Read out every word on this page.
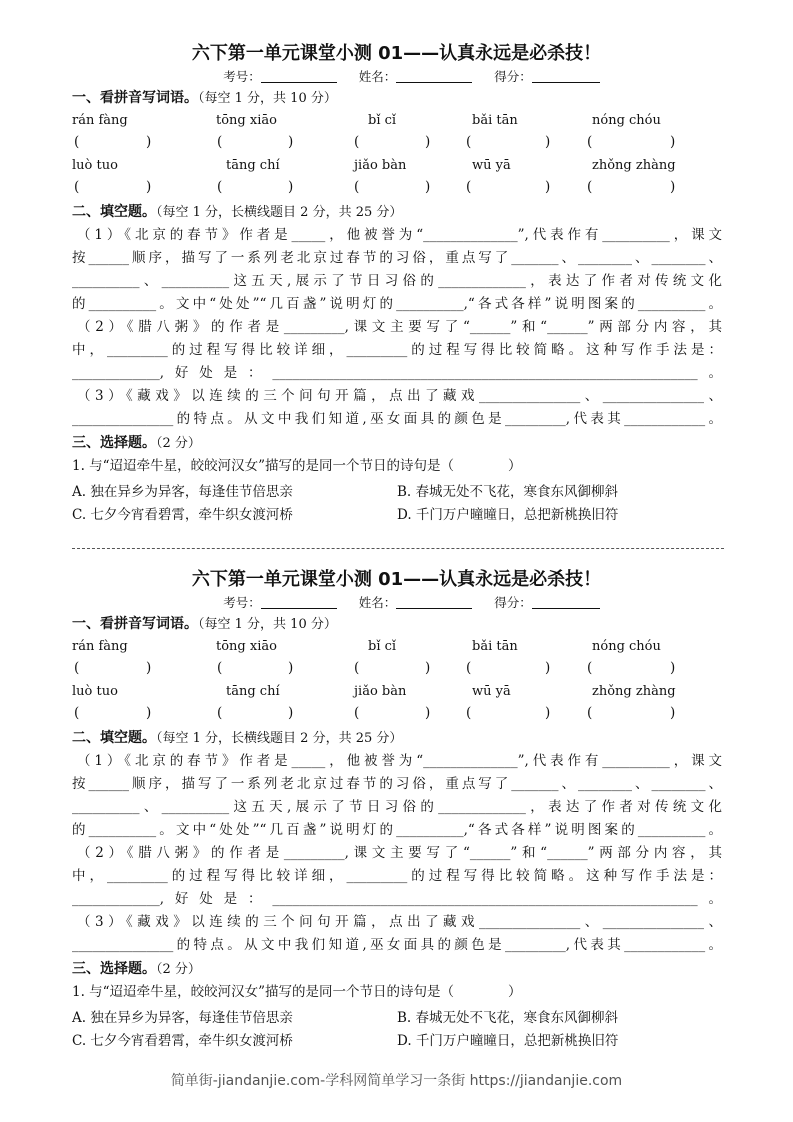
六下第一单元课堂小测 01——认真永远是必杀技！
考号：	姓名：	得分：
一、看拼音写词语。（每空 1 分，共 10 分）
rán fàng	tōng xiāo	bǐ cǐ	bǎi tān	nóng chóu
(	)	(	)	(	)	(	)	(	)
luò tuo	tāng chí	jiǎo bàn	wū yā	zhǒng zhàng
(	)	(	)	(	)	(	)	(	)
二、填空题。（每空 1 分，长横线题目 2 分，共 25 分）
（1）《北京的春节》作者是_____，他被誉为“______________”,代表作有__________，课文
按______顺序，描写了一系列老北京过春节的习俗，重点写了_______、________、________、
__________、__________这五天,展示了节日习俗的_____________，表达了作者对传统文化
的__________。文中“处处”“几百盏”说明灯的__________,“各式各样”说明图案的__________。
（2）《腊八粥》的作者是_________,课文主要写了“______”和“______”两部分内容，其
中，_________的过程写得比较详细，_________的过程写得比较简略。这种写作手法是：
_____________,好处是：_______________________________________________________________。
（3）《藏戏》以连续的三个问句开篇，点出了藏戏_______________、_______________、
_______________的特点。从文中我们知道,巫女面具的颜色是_________,代表其____________。
三、选择题。（2 分）
1. 与“迢迢牵牛星，皎皎河汉女”描写的是同一个节日的诗句是（　　　　）
A. 独在异乡为异客，每逢佳节倍思亲	B. 春城无处不飞花，寒食东风御柳斜
C. 七夕今宵看碧霄，牵牛织女渡河桥	D. 千门万户曈曈日，总把新桃换旧符
六下第一单元课堂小测 01——认真永远是必杀技！
考号：	姓名：	得分：
一、看拼音写词语。（每空 1 分，共 10 分）
rán fàng	tōng xiāo	bǐ cǐ	bǎi tān	nóng chóu
(	)	(	)	(	)	(	)	(	)
luò tuo	tāng chí	jiǎo bàn	wū yā	zhǒng zhàng
(	)	(	)	(	)	(	)	(	)
二、填空题。（每空 1 分，长横线题目 2 分，共 25 分）
（1）《北京的春节》作者是_____，他被誉为“______________”,代表作有__________，课文
按______顺序，描写了一系列老北京过春节的习俗，重点写了_______、________、________、
__________、__________这五天,展示了节日习俗的_____________，表达了作者对传统文化
的__________。文中“处处”“几百盏”说明灯的__________,“各式各样”说明图案的__________。
（2）《腊八粥》的作者是_________,课文主要写了“______”和“______”两部分内容，其
中，_________的过程写得比较详细，_________的过程写得比较简略。这种写作手法是：
_____________,好处是：_______________________________________________________________。
（3）《藏戏》以连续的三个问句开篇，点出了藏戏_______________、_______________、
_______________的特点。从文中我们知道,巫女面具的颜色是_________,代表其____________。
三、选择题。（2 分）
1. 与“迢迢牵牛星，皎皎河汉女”描写的是同一个节日的诗句是（　　　　）
A. 独在异乡为异客，每逢佳节倍思亲	B. 春城无处不飞花，寒食东风御柳斜
C. 七夕今宵看碧霄，牵牛织女渡河桥	D. 千门万户曈曈日，总把新桃换旧符
简单街-jiandanjie.com-学科网简单学习一条街 https://jiandanjie.com
